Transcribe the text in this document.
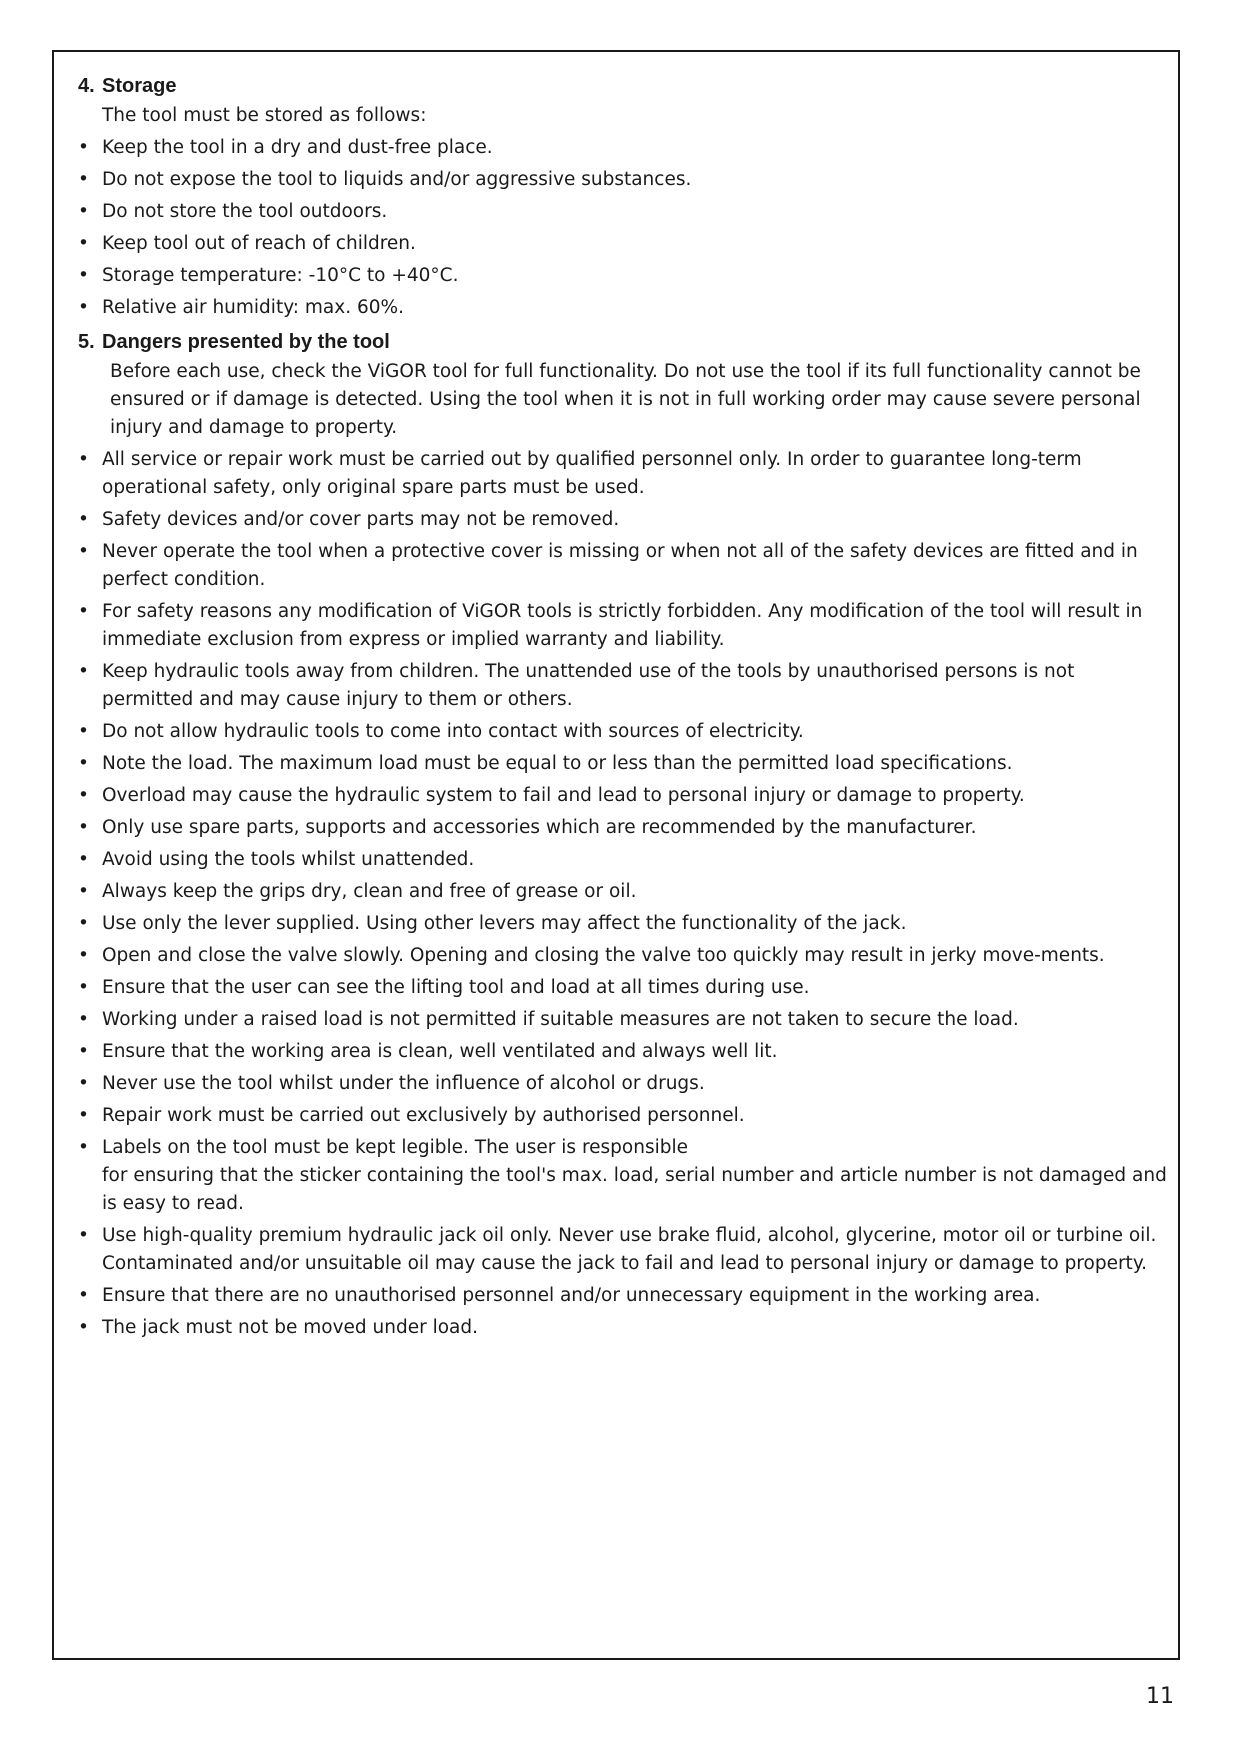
4. Storage
The tool must be stored as follows:
• Keep the tool in a dry and dust-free place.
• Do not expose the tool to liquids and/or aggressive substances.
• Do not store the tool outdoors.
• Keep tool out of reach of children.
• Storage temperature: -10°C to +40°C.
• Relative air humidity: max. 60%.
5. Dangers presented by the tool
Before each use, check the ViGOR tool for full functionality. Do not use the tool if its full functionality cannot be ensured or if damage is detected. Using the tool when it is not in full working order may cause severe personal injury and damage to property.
• All service or repair work must be carried out by qualified personnel only. In order to guarantee long-term operational safety, only original spare parts must be used.
• Safety devices and/or cover parts may not be removed.
• Never operate the tool when a protective cover is missing or when not all of the safety devices are fitted and in perfect condition.
• For safety reasons any modification of ViGOR tools is strictly forbidden. Any modification of the tool will result in immediate exclusion from express or implied warranty and liability.
• Keep hydraulic tools away from children. The unattended use of the tools by unauthorised persons is not permitted and may cause injury to them or others.
• Do not allow hydraulic tools to come into contact with sources of electricity.
• Note the load. The maximum load must be equal to or less than the permitted load specifications.
• Overload may cause the hydraulic system to fail and lead to personal injury or damage to property.
• Only use spare parts, supports and accessories which are recommended by the manufacturer.
• Avoid using the tools whilst unattended.
• Always keep the grips dry, clean and free of grease or oil.
• Use only the lever supplied. Using other levers may affect the functionality of the jack.
• Open and close the valve slowly. Opening and closing the valve too quickly may result in jerky move-ments.
• Ensure that the user can see the lifting tool and load at all times during use.
• Working under a raised load is not permitted if suitable measures are not taken to secure the load.
• Ensure that the working area is clean, well ventilated and always well lit.
• Never use the tool whilst under the influence of alcohol or drugs.
• Repair work must be carried out exclusively by authorised personnel.
• Labels on the tool must be kept legible. The user is responsible
for ensuring that the sticker containing the tool's max. load, serial number and article number is not damaged and is easy to read.
• Use high-quality premium hydraulic jack oil only. Never use brake fluid, alcohol, glycerine, motor oil or turbine oil. Contaminated and/or unsuitable oil may cause the jack to fail and lead to personal injury or damage to property.
• Ensure that there are no unauthorised personnel and/or unnecessary equipment in the working area.
• The jack must not be moved under load.
11
